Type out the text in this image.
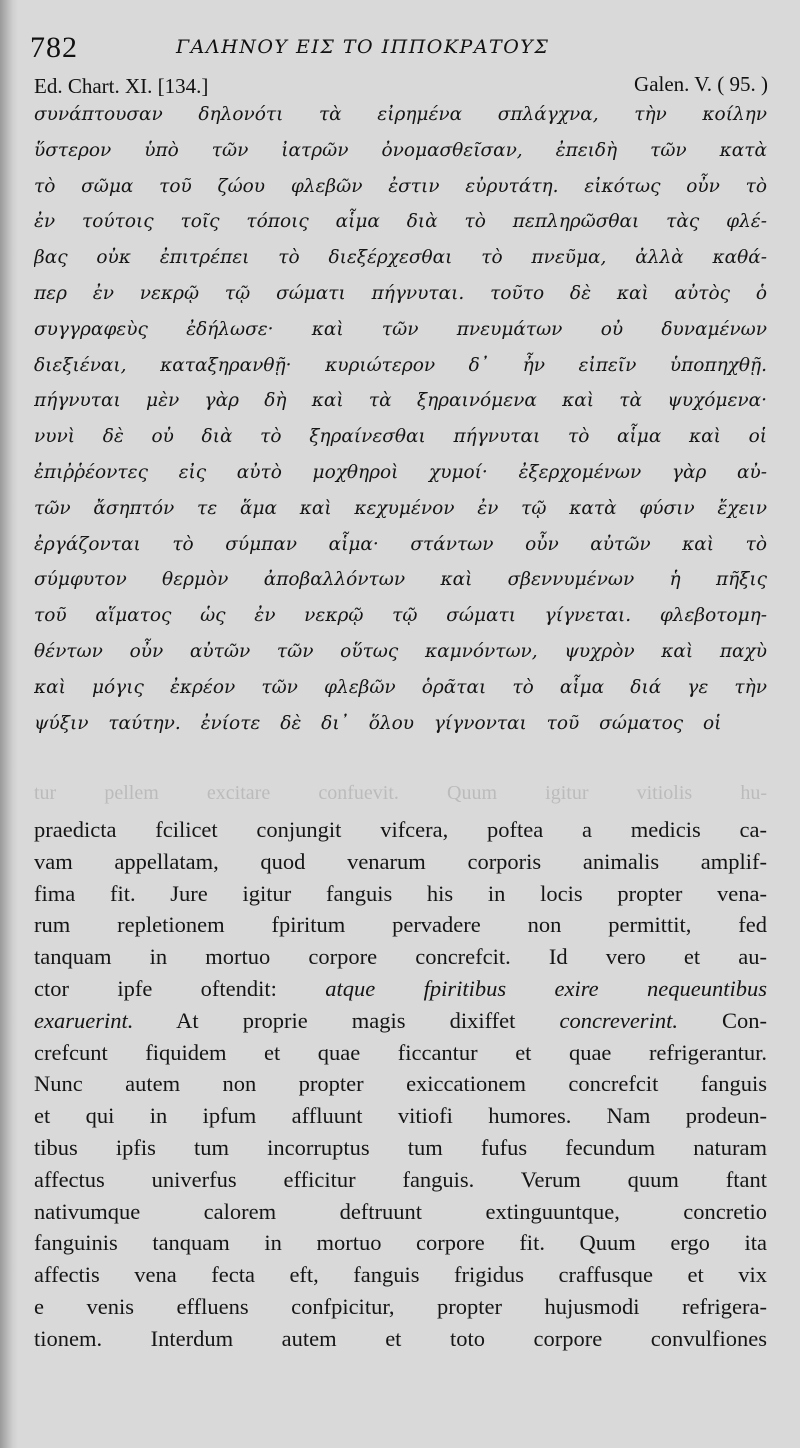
782	ΓΑΛΗΝΟΥ ΕΙΣ ΤΟ ΙΠΠΟΚΡΑΤΟΥΣ
Ed. Chart. XI. [134.]	Galen. V. ( 95. )
συνάπτουσαν δηλονότι τὰ εἰρημένα σπλάγχνα, τὴν κοίλην
ὕστερον ὑπὸ τῶν ἰατρῶν ὀνομασθεῖσαν, ἐπειδὴ τῶν κατὰ
τὸ σῶμα τοῦ ζώου φλεβῶν ἐστιν εὐρυτάτη. εἰκότως οὖν τὸ
ἐν τούτοις τοῖς τόποις αἷμα διὰ τὸ πεπληρῶσθαι τὰς φλέ-
βας οὐκ ἐπιτρέπει τὸ διεξέρχεσθαι τὸ πνεῦμα, ἀλλὰ καθά-
περ ἐν νεκρῷ τῷ σώματι πήγνυται. τοῦτο δὲ καὶ αὐτὸς ὁ
συγγραφεὺς ἐδήλωσε· καὶ τῶν πνευμάτων οὐ δυναμένων
διεξιέναι, καταξηρανθῇ· κυριώτερον δ᾽ ἦν εἰπεῖν ὑποπηχθῇ.
πήγνυται μὲν γὰρ δὴ καὶ τὰ ξηραινόμενα καὶ τὰ ψυχόμενα·
νυνὶ δὲ οὐ διὰ τὸ ξηραίνεσθαι πήγνυται τὸ αἷμα καὶ οἱ
ἐπιῤῥέοντες εἰς αὐτὸ μοχθηροὶ χυμοί· ἐξερχομένων γὰρ αὐ-
τῶν ἄσηπτόν τε ἅμα καὶ κεχυμένον ἐν τῷ κατὰ φύσιν ἔχειν
ἐργάζονται τὸ σύμπαν αἷμα· στάντων οὖν αὐτῶν καὶ τὸ
σύμφυτον θερμὸν ἀποβαλλόντων καὶ σβεννυμένων ἡ πῆξις
τοῦ αἵματος ὡς ἐν νεκρῷ τῷ σώματι γίγνεται. φλεβοτομη-
θέντων οὖν αὐτῶν τῶν οὕτως καμνόντων, ψυχρὸν καὶ παχὺ
καὶ μόγις ἐκρέον τῶν φλεβῶν ὁρᾶται τὸ αἷμα διά γε τὴν
ψύξιν ταύτην. ἐνίοτε δὲ δι᾽ ὅλου γίγνονται τοῦ σώματος οἱ
tur pellem excitare confuevit. Quum igitur vitiolis hu-
praedicta fcilicet conjungit vifcera, poftea a medicis ca-
vam appellatam, quod venarum corporis animalis amplif-
fima fit. Jure igitur fanguis his in locis propter vena-
rum repletionem fpiritum pervadere non permittit, fed
tanquam in mortuo corpore concrefcit. Id vero et au-
ctor ipfe oftendit: atque fpiritibus exire nequeuntibus
exaruerint. At proprie magis dixiffet concreverint. Con-
crefcunt fiquidem et quae ficcantur et quae refrigerantur.
Nunc autem non propter exiccationem concrefcit fanguis
et qui in ipfum affluunt vitiofi humores. Nam prodeun-
tibus ipfis tum incorruptus tum fufus fecundum naturam
affectus univerfus efficitur fanguis. Verum quum ftant
nativumque calorem deftruunt extinguuntque, concretio
fanguinis tanquam in mortuo corpore fit. Quum ergo ita
affectis vena fecta eft, fanguis frigidus craffusque et vix
e venis effluens confpicitur, propter hujusmodi refrigera-
tionem. Interdum autem et toto corpore convulfiones
